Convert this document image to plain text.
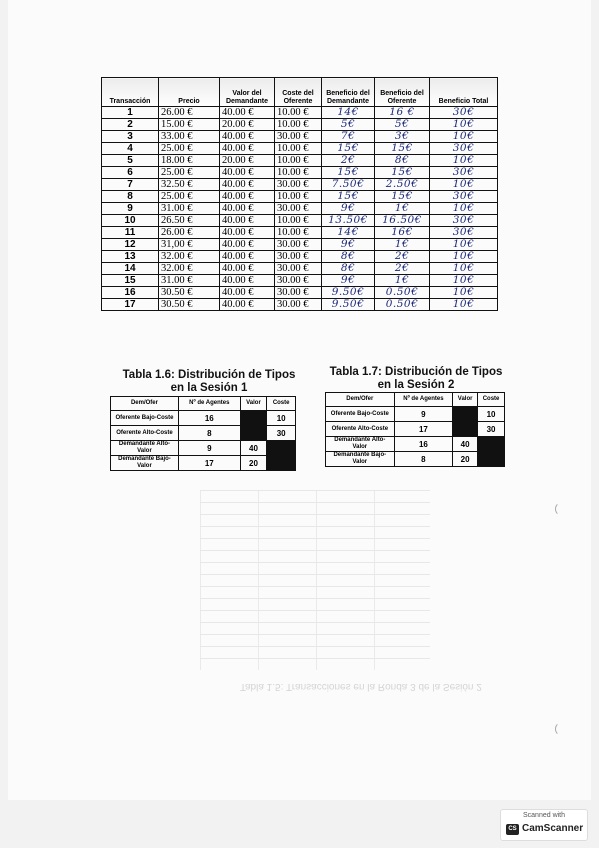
Tabla 1.5: Transacciones en la Ronda 3 de la Sesión 2
Transacción	Precio	Valor del Demandante	Coste del Oferente	Beneficio del Demandante	Beneficio del Oferente	Beneficio Total
1	26.00 €	40.00 €	10.00 €	14€	16 €	30€
2	15.00 €	20.00 €	10.00 €	5€	5€	10€
3	33.00 €	40.00 €	30.00 €	7€	3€	10€
4	25.00 €	40.00 €	10.00 €	15€	15€	30€
5	18.00 €	20.00 €	10.00 €	2€	8€	10€
6	25.00 €	40.00 €	10.00 €	15€	15€	30€
7	32.50 €	40.00 €	30.00 €	7.50€	2.50€	10€
8	25.00 €	40.00 €	10.00 €	15€	15€	30€
9	31.00 €	40.00 €	30.00 €	9€	1€	10€
10	26.50 €	40.00 €	10.00 €	13.50€	16.50€	30€
11	26.00 €	40.00 €	10.00 €	14€	16€	30€
12	31,00 €	40.00 €	30.00 €	9€	1€	10€
13	32.00 €	40.00 €	30.00 €	8€	2€	10€
14	32.00 €	40.00 €	30.00 €	8€	2€	10€
15	31.00 €	40.00 €	30.00 €	9€	1€	10€
16	30.50 €	40.00 €	30.00 €	9.50€	0.50€	10€
17	30.50 €	40.00 €	30.00 €	9.50€	0.50€	10€
Tabla 1.6: Distribución de Tipos en la Sesión 1
Dem/Ofer	Nº de Agentes	Valor	Coste
Oferente Bajo-Coste	16		10
Oferente Alto-Coste	8		30
Demandante Alto-Valor	9	40	
Demandante Bajo-Valor	17	20	
Tabla 1.7: Distribución de Tipos en la Sesión 2
Dem/Ofer	Nº de Agentes	Valor	Coste
Oferente Bajo-Coste	9		10
Oferente Alto-Coste	17		30
Demandante Alto-Valor	16	40	
Demandante Bajo-Valor	8	20	
Scanned with
CS CamScanner
